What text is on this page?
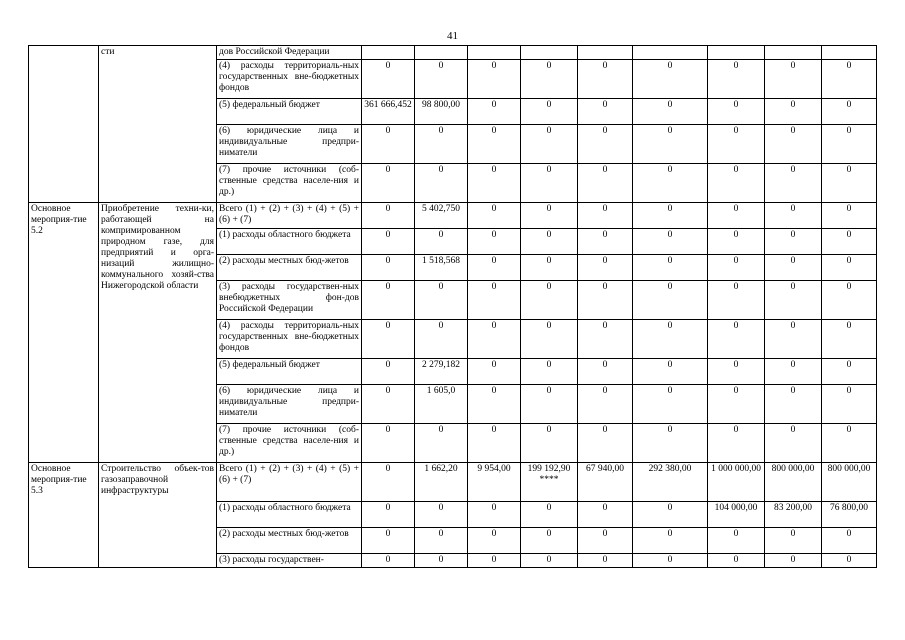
41
	сти	дов Российской Федерации									
		(4) расходы территориаль-ных государственных вне-бюджетных фондов	0	0	0	0	0	0	0	0	0
		(5) федеральный бюджет	361 666,452	98 800,00	0	0	0	0	0	0	0
		(6) юридические лица и индивидуальные предпри-ниматели	0	0	0	0	0	0	0	0	0
		(7) прочие источники (соб-ственные средства населе-ния и др.)	0	0	0	0	0	0	0	0	0
Основное мероприя-тие 5.2	Приобретение техни-ки, работающей на компримированном природном газе, для предприятий и орга-низаций жилищно-коммунального хозяй-ства Нижегородской области	Всего (1) + (2) + (3) + (4) + (5) + (6) + (7)	0	5 402,750	0	0	0	0	0	0	0
		(1) расходы областного бюджета	0	0	0	0	0	0	0	0	0
		(2) расходы местных бюд-жетов	0	1 518,568	0	0	0	0	0	0	0
		(3) расходы государствен-ных внебюджетных фон-дов Российской Федерации	0	0	0	0	0	0	0	0	0
		(4) расходы территориаль-ных государственных вне-бюджетных фондов	0	0	0	0	0	0	0	0	0
		(5) федеральный бюджет	0	2 279,182	0	0	0	0	0	0	0
		(6) юридические лица и индивидуальные предпри-ниматели	0	1 605,0	0	0	0	0	0	0	0
		(7) прочие источники (соб-ственные средства населе-ния и др.)	0	0	0	0	0	0	0	0	0
Основное мероприя-тие 5.3	Строительство объек-тов газозаправочной инфраструктуры	Всего (1) + (2) + (3) + (4) + (5) + (6) + (7)	0	1 662,20	9 954,00	199 192,90 ****	67 940,00	292 380,00	1 000 000,00	800 000,00	800 000,00
		(1) расходы областного бюджета	0	0	0	0	0	0	104 000,00	83 200,00	76 800,00
		(2) расходы местных бюд-жетов	0	0	0	0	0	0	0	0	0
		(3) расходы государствен-	0	0	0	0	0	0	0	0	0
